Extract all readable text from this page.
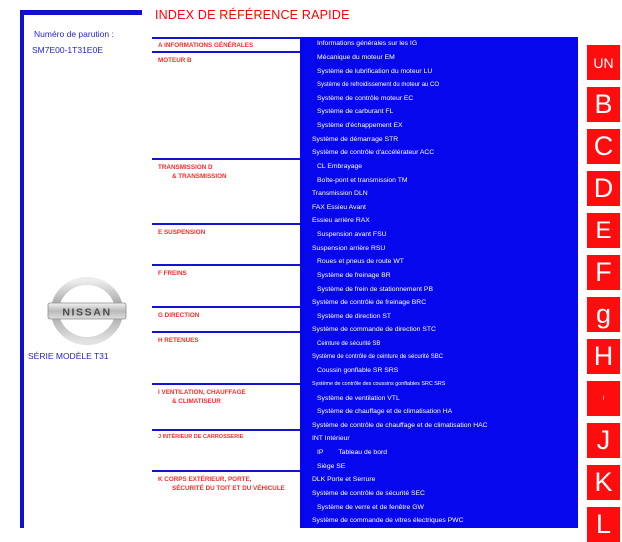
Numéro de parution :
SM7E00-1T31E0E
NISSAN
SÉRIE MODÈLE T31
INDEX DE RÉFÉRENCE RAPIDE
A INFORMATIONS GÉNÉRALES
MOTEUR B
TRANSMISSION D
& TRANSMISSION
E SUSPENSION
F FREINS
G DIRECTION
H RETENUES
I VENTILATION, CHAUFFAGE
& CLIMATISEUR
J INTÉRIEUR DE CARROSSERIE
K CORPS EXTÉRIEUR, PORTE,
SÉCURITÉ DU TOIT ET DU VÉHICULE
Informations générales sur les IG
Mécanique du moteur EM
Système de lubrification du moteur LU
Système de refroidissement du moteur au CO
Système de contrôle moteur EC
Système de carburant FL
Système d'échappement EX
Système de démarrage STR
Système de contrôle d'accélérateur ACC
CL Embrayage
Boîte-pont et transmission TM
Transmission DLN
FAX Essieu Avant
Essieu arrière RAX
Suspension avant FSU
Suspension arrière RSU
Roues et pneus de route WT
Système de freinage BR
Système de frein de stationnement PB
Système de contrôle de freinage BRC
Système de direction ST
Système de commande de direction STC
Ceinture de sécurité SB
Système de contrôle de ceinture de sécurité SBC
Coussin gonflable SR SRS
Système de contrôle des coussins gonflables SRC SRS
Système de ventilation VTL
Système de chauffage et de climatisation HA
Système de contrôle de chauffage et de climatisation HAC
INT Intérieur
IP        Tableau de bord
Siège SE
DLK Porte et Serrure
Système de contrôle de sécurité SEC
Système de verre et de fenêtre GW
Système de commande de vitres électriques PWC
UN
B
C
D
E
F
g
H
I
J
K
L
